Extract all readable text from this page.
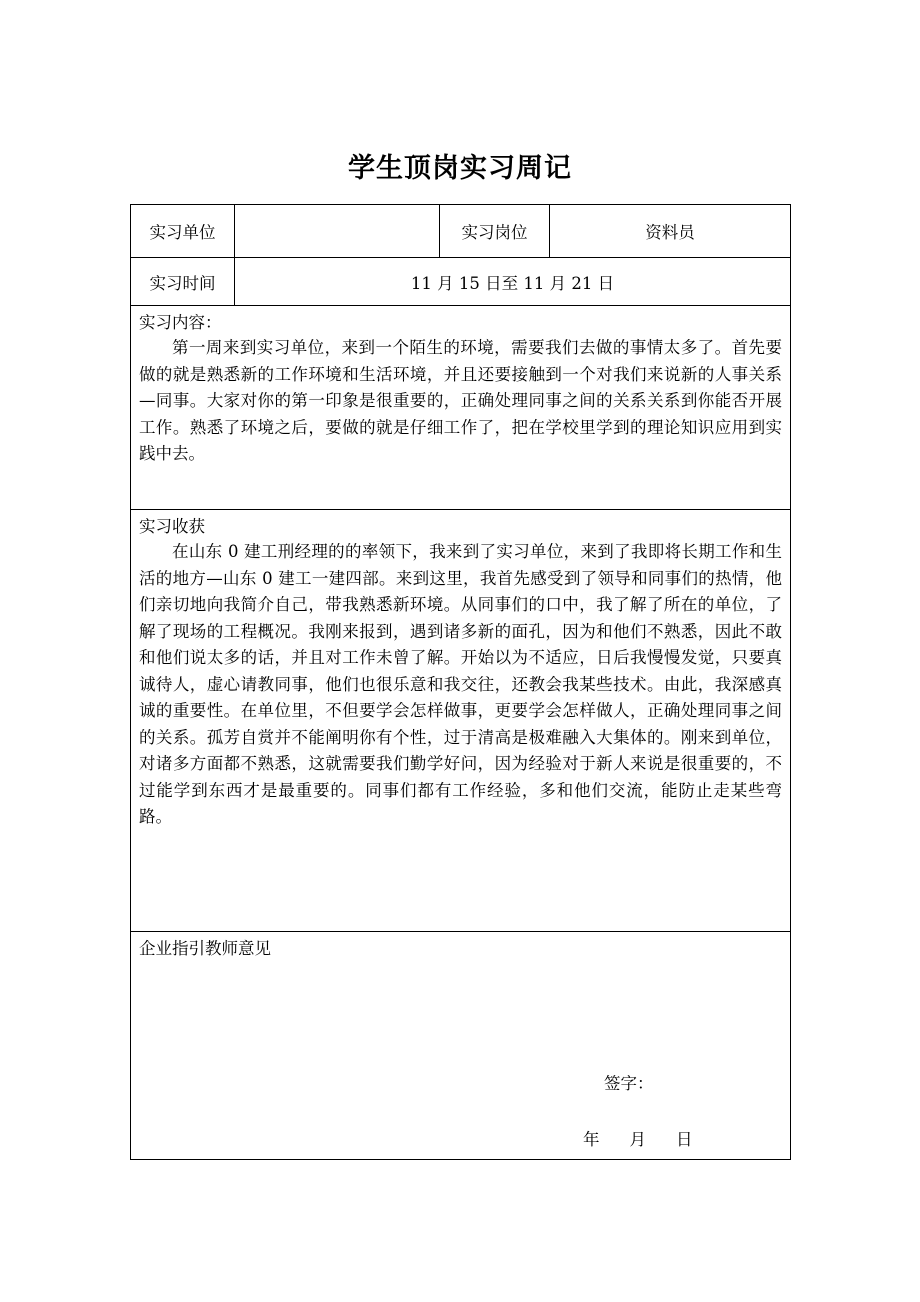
学生顶岗实习周记
实习单位		实习岗位	资料员
实习时间	11 月 15 日至 11 月 21 日		

实习内容：
第一周来到实习单位，来到一个陌生的环境，需要我们去做的事情太多了。首先要做的就是熟悉新的工作环境和生活环境，并且还要接触到一个对我们来说新的人事关系—同事。大家对你的第一印象是很重要的，正确处理同事之间的关系关系到你能否开展工作。熟悉了环境之后，要做的就是仔细工作了，把在学校里学到的理论知识应用到实践中去。			

实习收获
在山东 0 建工刑经理的的率领下，我来到了实习单位，来到了我即将长期工作和生活的地方—山东 0 建工一建四部。来到这里，我首先感受到了领导和同事们的热情，他们亲切地向我简介自己，带我熟悉新环境。从同事们的口中，我了解了所在的单位，了解了现场的工程概况。我刚来报到，遇到诸多新的面孔，因为和他们不熟悉，因此不敢和他们说太多的话，并且对工作未曾了解。开始以为不适应，日后我慢慢发觉，只要真诚待人，虚心请教同事，他们也很乐意和我交往，还教会我某些技术。由此，我深感真诚的重要性。在单位里，不但要学会怎样做事，更要学会怎样做人，正确处理同事之间的关系。孤芳自赏并不能阐明你有个性，过于清高是极难融入大集体的。刚来到单位，对诸多方面都不熟悉，这就需要我们勤学好问，因为经验对于新人来说是很重要的，不过能学到东西才是最重要的。同事们都有工作经验，多和他们交流，能防止走某些弯路。			

企业指引教师意见
签字：
年 月 日			
